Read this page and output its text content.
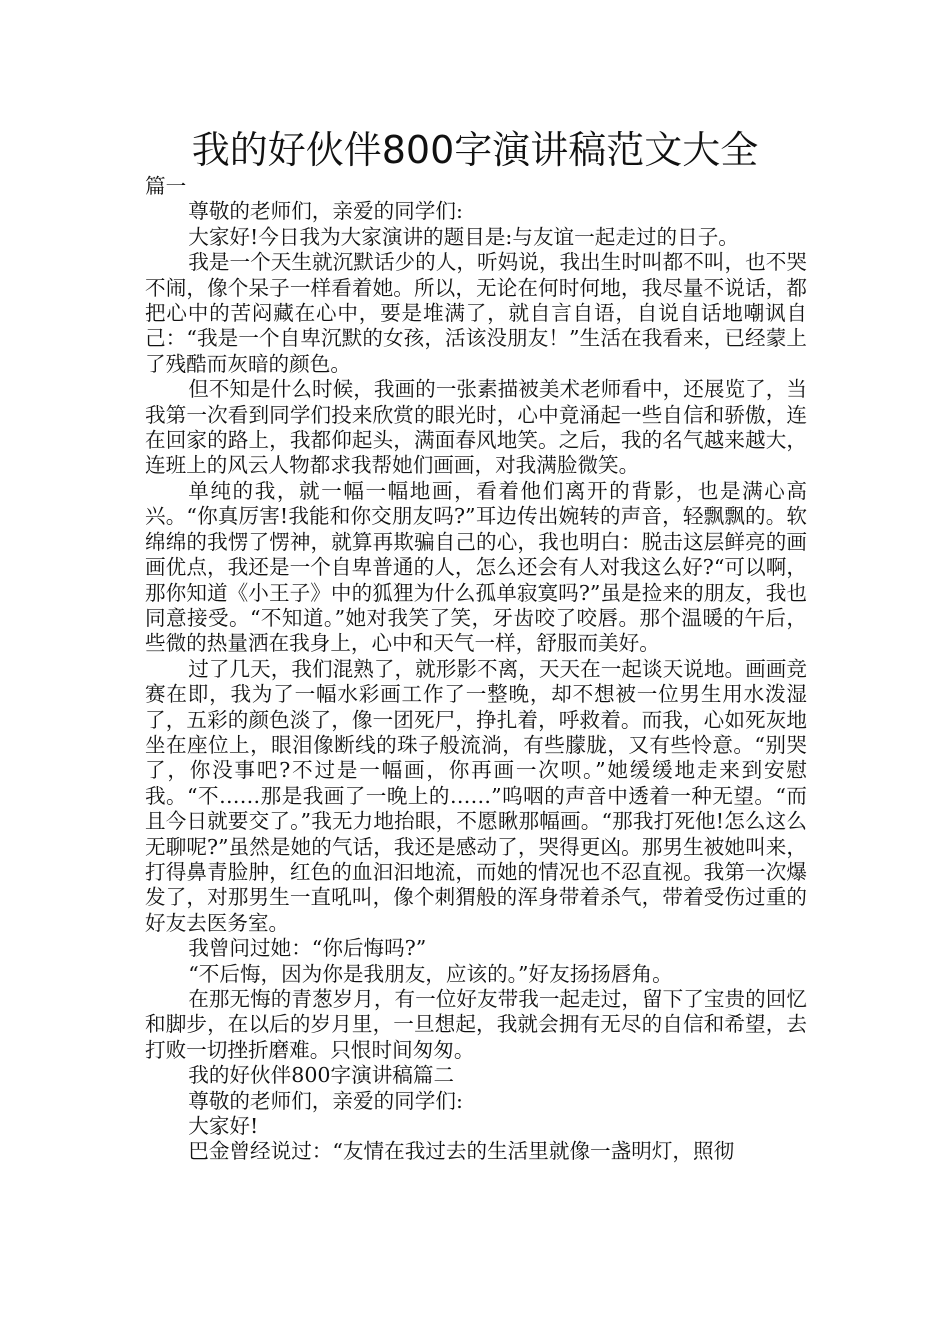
我的好伙伴800字演讲稿范文大全

篇一

尊敬的老师们，亲爱的同学们:

大家好!今日我为大家演讲的题目是:与友谊一起走过的日子。

我是一个天生就沉默话少的人，听妈说，我出生时叫都不叫，也不哭不闹，像个呆子一样看着她。所以，无论在何时何地，我尽量不说话，都把心中的苦闷藏在心中，要是堆满了，就自言自语，自说自话地嘲讽自己：“我是一个自卑沉默的女孩，活该没朋友！”生活在我看来，已经蒙上了残酷而灰暗的颜色。

但不知是什么时候，我画的一张素描被美术老师看中，还展览了，当我第一次看到同学们投来欣赏的眼光时，心中竟涌起一些自信和骄傲，连在回家的路上，我都仰起头，满面春风地笑。之后，我的名气越来越大，连班上的风云人物都求我帮她们画画，对我满脸微笑。

单纯的我，就一幅一幅地画，看着他们离开的背影，也是满心高兴。“你真厉害!我能和你交朋友吗?”耳边传出婉转的声音，轻飘飘的。软绵绵的我愣了愣神，就算再欺骗自己的心，我也明白：脱击这层鲜亮的画画优点，我还是一个自卑普通的人，怎么还会有人对我这么好?“可以啊，那你知道《小王子》中的狐狸为什么孤单寂寞吗?”虽是捡来的朋友，我也同意接受。“不知道。”她对我笑了笑，牙齿咬了咬唇。那个温暖的午后，些微的热量洒在我身上，心中和天气一样，舒服而美好。

过了几天，我们混熟了，就形影不离，天天在一起谈天说地。画画竞赛在即，我为了一幅水彩画工作了一整晚，却不想被一位男生用水泼湿了，五彩的颜色淡了，像一团死尸，挣扎着，呼救着。而我，心如死灰地坐在座位上，眼泪像断线的珠子般流淌，有些朦胧，又有些怜意。“别哭了，你没事吧?不过是一幅画，你再画一次呗。”她缓缓地走来到安慰我。“不……那是我画了一晚上的……”呜咽的声音中透着一种无望。“而且今日就要交了。”我无力地抬眼，不愿瞅那幅画。“那我打死他!怎么这么无聊呢?”虽然是她的气话，我还是感动了，哭得更凶。那男生被她叫来，打得鼻青脸肿，红色的血汩汩地流，而她的情况也不忍直视。我第一次爆发了，对那男生一直吼叫，像个刺猬般的浑身带着杀气，带着受伤过重的好友去医务室。

我曾问过她：“你后悔吗?”

“不后悔，因为你是我朋友，应该的。”好友扬扬唇角。

在那无悔的青葱岁月，有一位好友带我一起走过，留下了宝贵的回忆和脚步，在以后的岁月里，一旦想起，我就会拥有无尽的自信和希望，去打败一切挫折磨难。只恨时间匆匆。

我的好伙伴800字演讲稿篇二

尊敬的老师们，亲爱的同学们:

大家好!

巴金曾经说过：“友情在我过去的生活里就像一盏明灯，照彻
